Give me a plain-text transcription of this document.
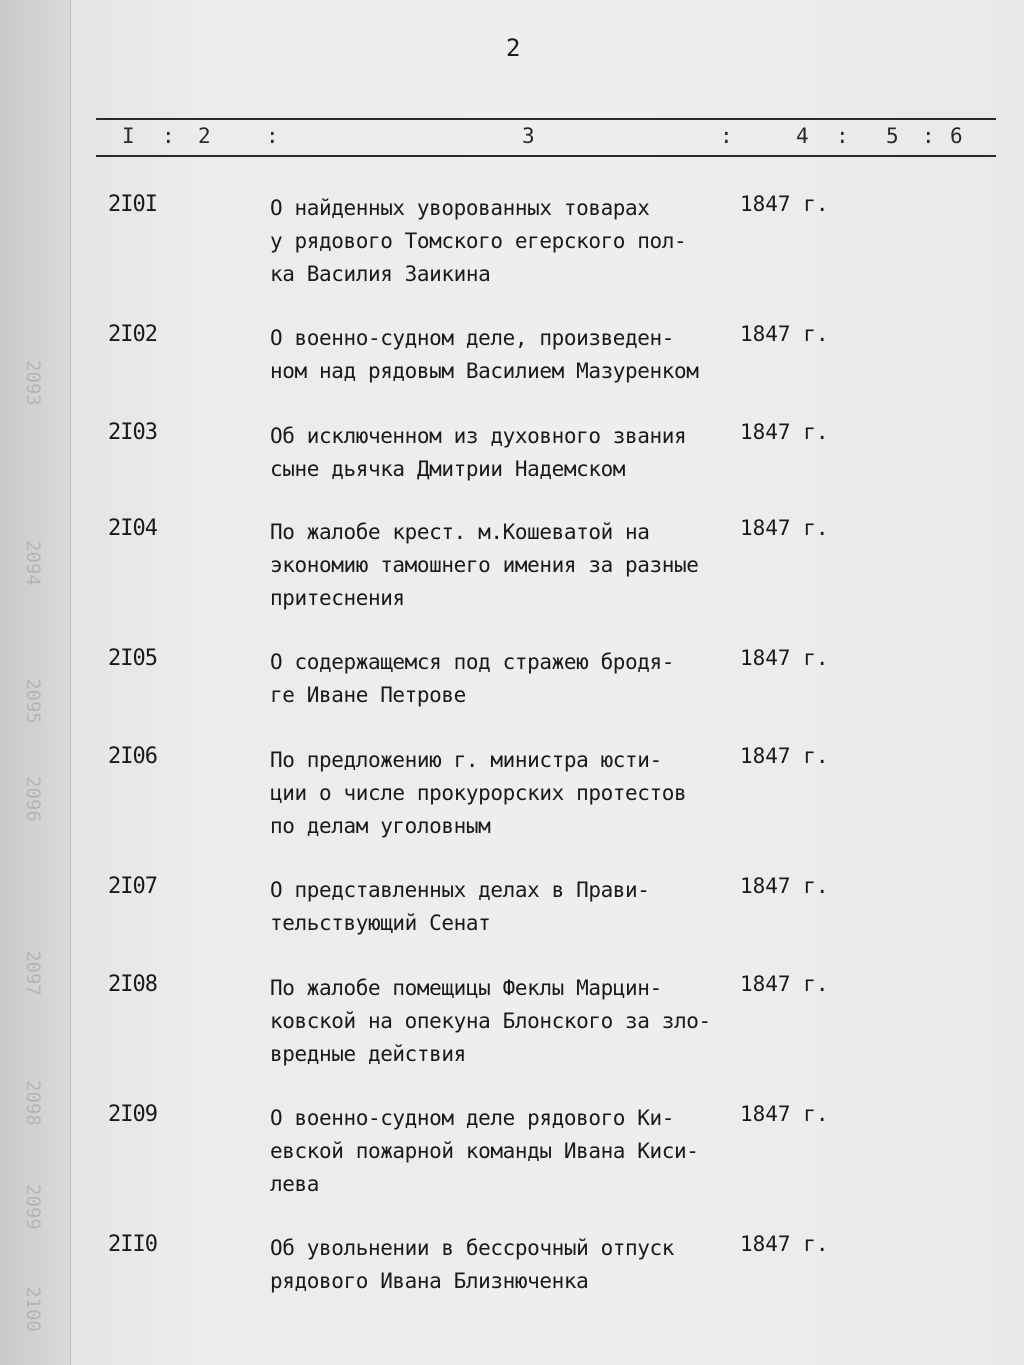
2093
2094
2095
2096
2097
2098
2099
2100
2
I : 2	:	3	:	4 : 5 : 6
2I0I	О найденных уворованных товарах
у рядового Томского егерского пол-
ка Василия Заикина
1847 г.
2I02	О военно-судном деле, произведен-
ном над рядовым Василием Мазуренком
1847 г.
2I03	Об исключенном из духовного звания
сыне дьячка Дмитрии Надемском
1847 г.
2I04	По жалобе крест. м.Кошеватой на
экономию тамошнего имения за разные
притеснения
1847 г.
2I05	О содержащемся под стражею бродя-
ге Иване Петрове
1847 г.
2I06	По предложению г. министра юсти-
ции о числе прокурорских протестов
по делам уголовным
1847 г.
2I07	О представленных делах в Прави-
тельствующий Сенат
1847 г.
2I08	По жалобе помещицы Феклы Марцин-
ковской на опекуна Блонского за зло-
вредные действия
1847 г.
2I09	О военно-судном деле рядового Ки-
евской пожарной команды Ивана Киси-
лева
1847 г.
2II0	Об увольнении в бессрочный отпуск
рядового Ивана Близнюченка
1847 г.
